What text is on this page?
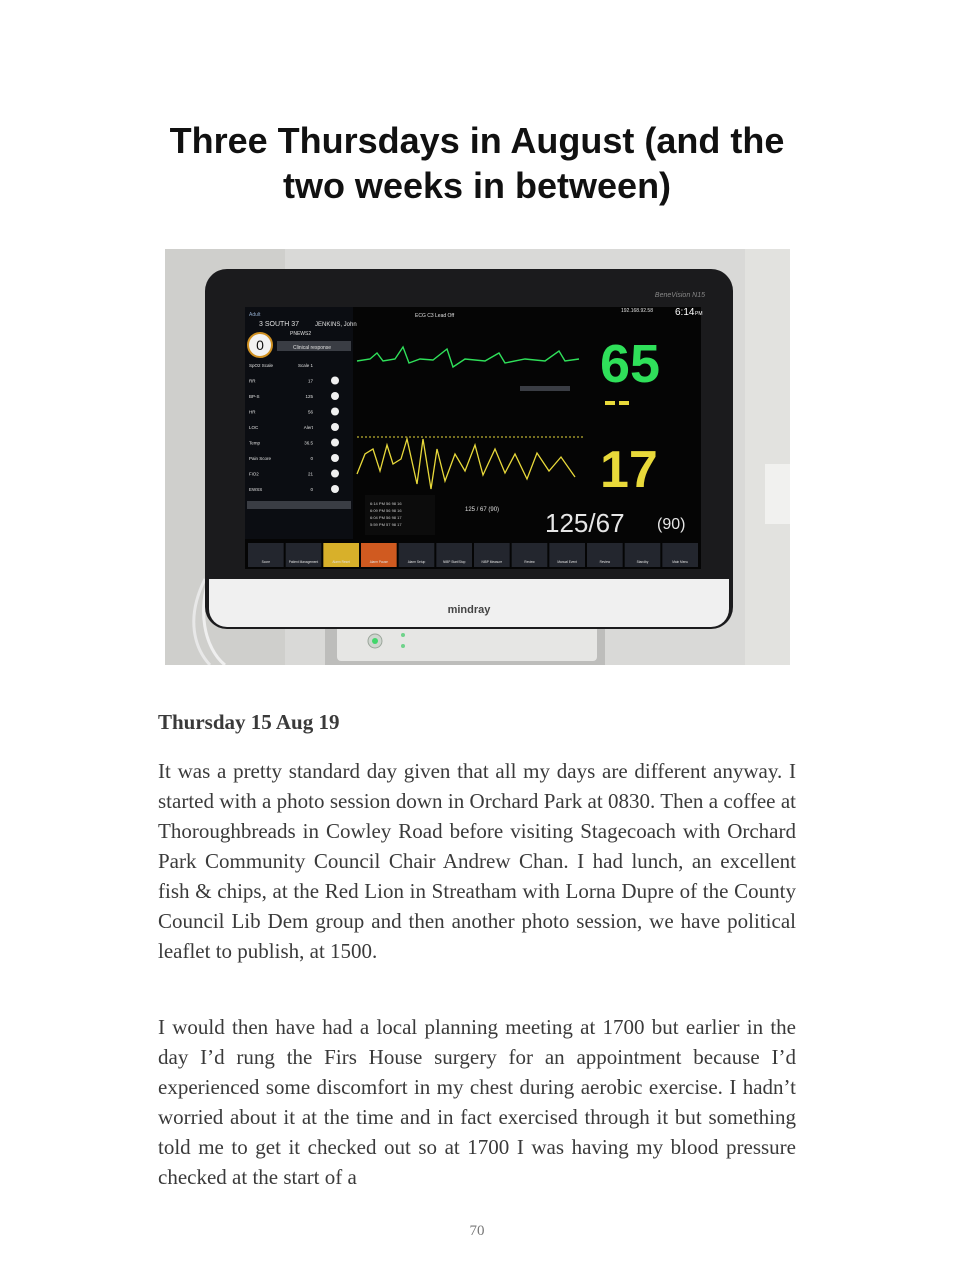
Three Thursdays in August (and the
two weeks in between)
mindray
BeneVision N15
Adult
3 SOUTH 37	JENKINS, John
PNEWS2
0	Clinical response
SpO2 Scale	Scale 1
RR	17
BP-S	125
HR	56
LOC	Alert
Temp	36.5
Pain Score	0
FiO2	21
EWSS	0
ECG C3 Lead Off
6:14 PM 56 98 16
6:09 PM 56 98 16
6:04 PM 56 98 17
5:59 PM 57 98 17
125 / 67 (90)
192.168.92.58 6:14 PM
65
17
125/67 (90)
Score	Patient Management	Alarm Reset	Alarm Pause	Alarm Setup	NIBP Start/Stop	NIBP Measure	Review	Manual Event	Review	Standby	Main Menu
Thursday 15 Aug 19

It was a pretty standard day given that all my days are different anyway. I started with a photo session down in Orchard Park at 0830. Then a coffee at Thoroughbreads in Cowley Road before visiting Stagecoach with Orchard Park Community Council Chair Andrew Chan. I had lunch, an excellent fish & chips, at the Red Lion in Streatham with Lorna Dupre of the County Council Lib Dem group and then another photo session, we have political leaflet to publish, at 1500.

I would then have had a local planning meeting at 1700 but earlier in the day I’d rung the Firs House surgery for an appointment because I’d experienced some discomfort in my chest during aerobic exercise. I hadn’t worried about it at the time and in fact exercised through it but something told me to get it checked out so at 1700 I was having my blood pressure checked at the start of a

70
